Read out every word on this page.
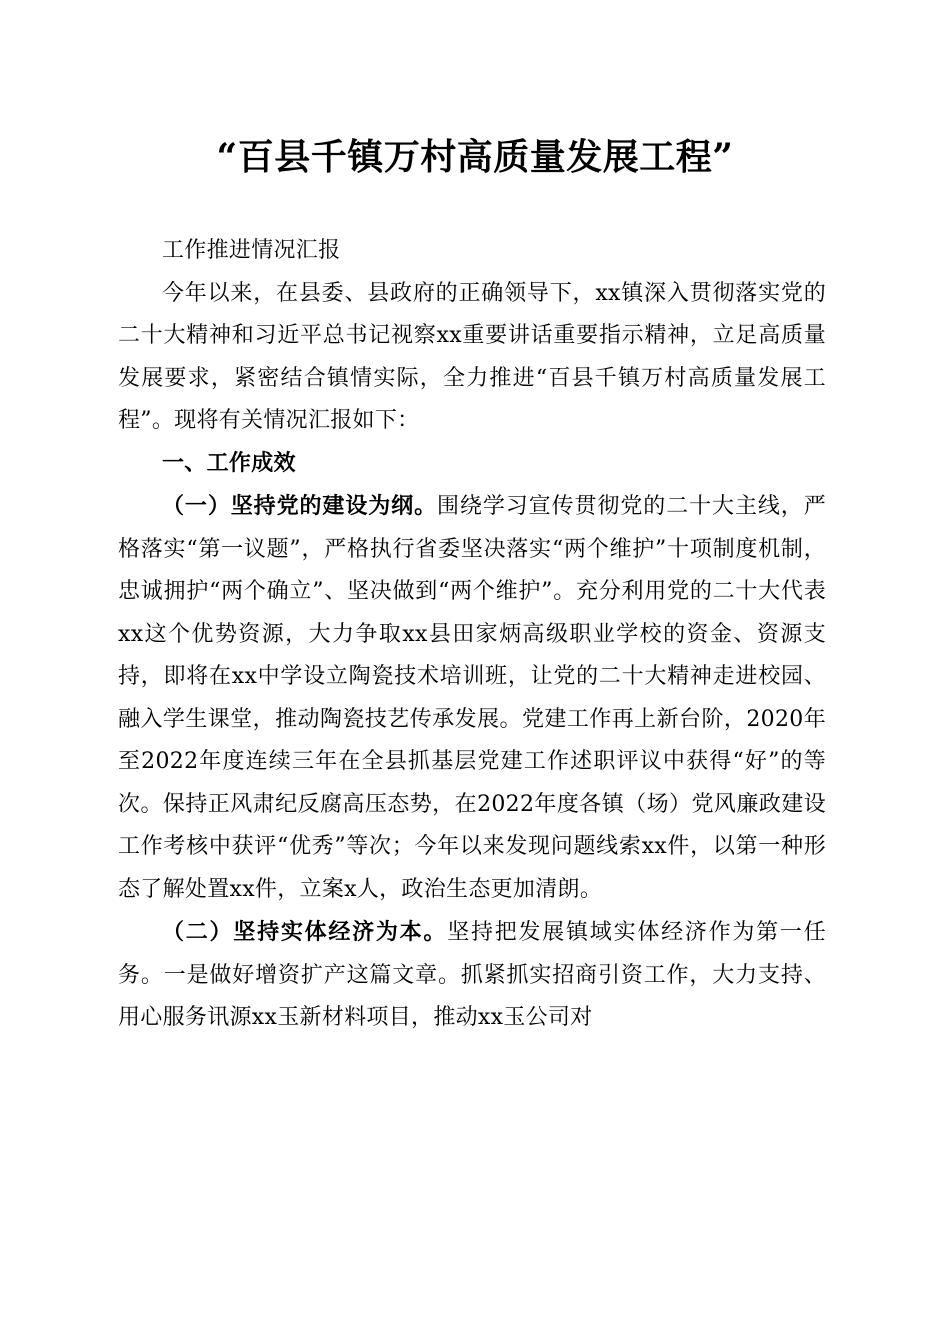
“百县千镇万村高质量发展工程”

工作推进情况汇报

今年以来，在县委、县政府的正确领导下，xx镇深入贯彻落实党的二十大精神和习近平总书记视察xx重要讲话重要指示精神，立足高质量发展要求，紧密结合镇情实际，全力推进“百县千镇万村高质量发展工程”。现将有关情况汇报如下：

一、工作成效

（一）坚持党的建设为纲。围绕学习宣传贯彻党的二十大主线，严格落实“第一议题”，严格执行省委坚决落实“两个维护”十项制度机制，忠诚拥护“两个确立”、坚决做到“两个维护”。充分利用党的二十大代表xx这个优势资源，大力争取xx县田家炳高级职业学校的资金、资源支持，即将在xx中学设立陶瓷技术培训班，让党的二十大精神走进校园、融入学生课堂，推动陶瓷技艺传承发展。党建工作再上新台阶，2020年至2022年度连续三年在全县抓基层党建工作述职评议中获得“好”的等次。保持正风肃纪反腐高压态势，在2022年度各镇（场）党风廉政建设工作考核中获评“优秀”等次；今年以来发现问题线索xx件，以第一种形态了解处置xx件，立案x人，政治生态更加清朗。

（二）坚持实体经济为本。坚持把发展镇域实体经济作为第一任务。一是做好增资扩产这篇文章。抓紧抓实招商引资工作，大力支持、用心服务讯源xx玉新材料项目，推动xx玉公司对
